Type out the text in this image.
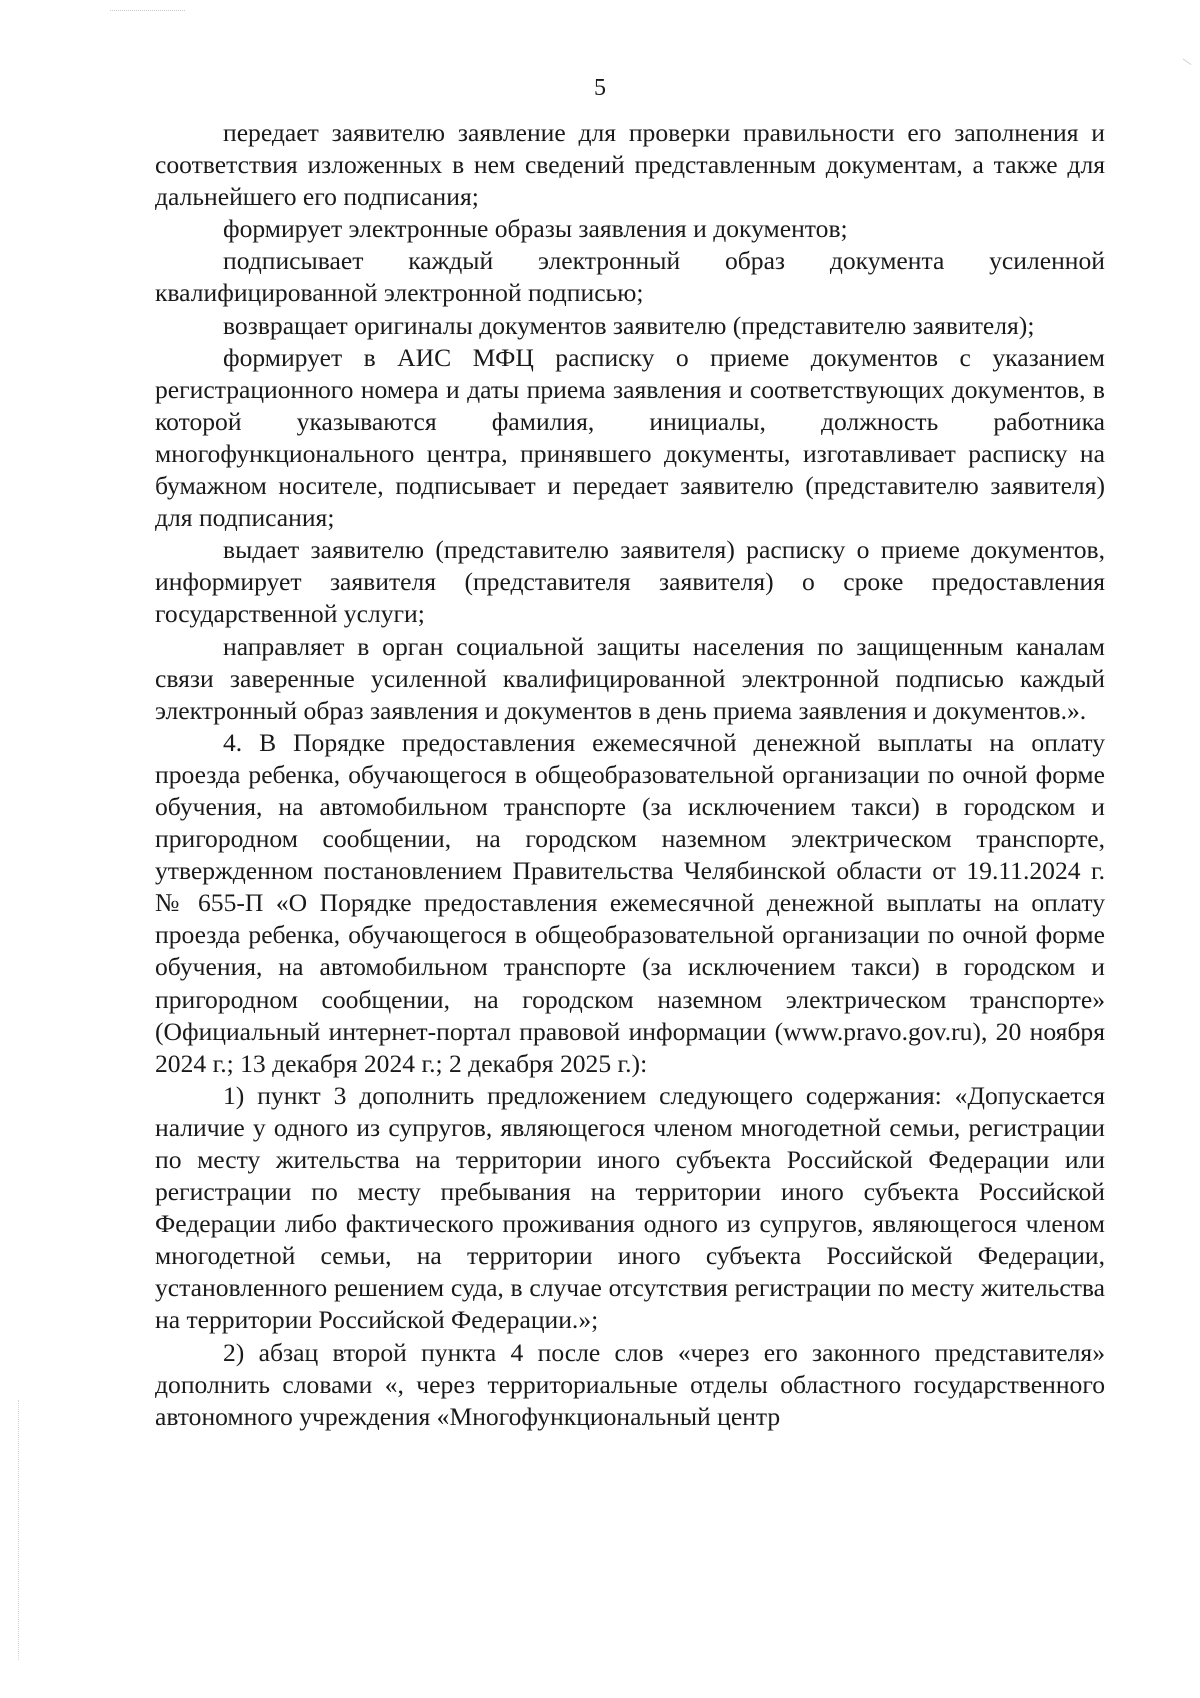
5

передает заявителю заявление для проверки правильности его заполнения и соответствия изложенных в нем сведений представленным документам, а также для дальнейшего его подписания;

формирует электронные образы заявления и документов;

подписывает каждый электронный образ документа усиленной квалифицированной электронной подписью;

возвращает оригиналы документов заявителю (представителю заявителя);

формирует в АИС МФЦ расписку о приеме документов с указанием регистрационного номера и даты приема заявления и соответствующих документов, в которой указываются фамилия, инициалы, должность работника многофункционального центра, принявшего документы, изготавливает расписку на бумажном носителе, подписывает и передает заявителю (представителю заявителя) для подписания;

выдает заявителю (представителю заявителя) расписку о приеме документов, информирует заявителя (представителя заявителя) о сроке предоставления государственной услуги;

направляет в орган социальной защиты населения по защищенным каналам связи заверенные усиленной квалифицированной электронной подписью каждый электронный образ заявления и документов в день приема заявления и документов.».

4. В Порядке предоставления ежемесячной денежной выплаты на оплату проезда ребенка, обучающегося в общеобразовательной организации по очной форме обучения, на автомобильном транспорте (за исключением такси) в городском и пригородном сообщении, на городском наземном электрическом транспорте, утвержденном постановлением Правительства Челябинской области от 19.11.2024 г. № 655-П «О Порядке предоставления ежемесячной денежной выплаты на оплату проезда ребенка, обучающегося в общеобразовательной организации по очной форме обучения, на автомобильном транспорте (за исключением такси) в городском и пригородном сообщении, на городском наземном электрическом транспорте» (Официальный интернет-портал правовой информации (www.pravo.gov.ru), 20 ноября 2024 г.; 13 декабря 2024 г.; 2 декабря 2025 г.):

1) пункт 3 дополнить предложением следующего содержания: «Допускается наличие у одного из супругов, являющегося членом многодетной семьи, регистрации по месту жительства на территории иного субъекта Российской Федерации или регистрации по месту пребывания на территории иного субъекта Российской Федерации либо фактического проживания одного из супругов, являющегося членом многодетной семьи, на территории иного субъекта Российской Федерации, установленного решением суда, в случае отсутствия регистрации по месту жительства на территории Российской Федерации.»;

2) абзац второй пункта 4 после слов «через его законного представителя» дополнить словами «, через территориальные отделы областного государственного автономного учреждения «Многофункциональный центр
